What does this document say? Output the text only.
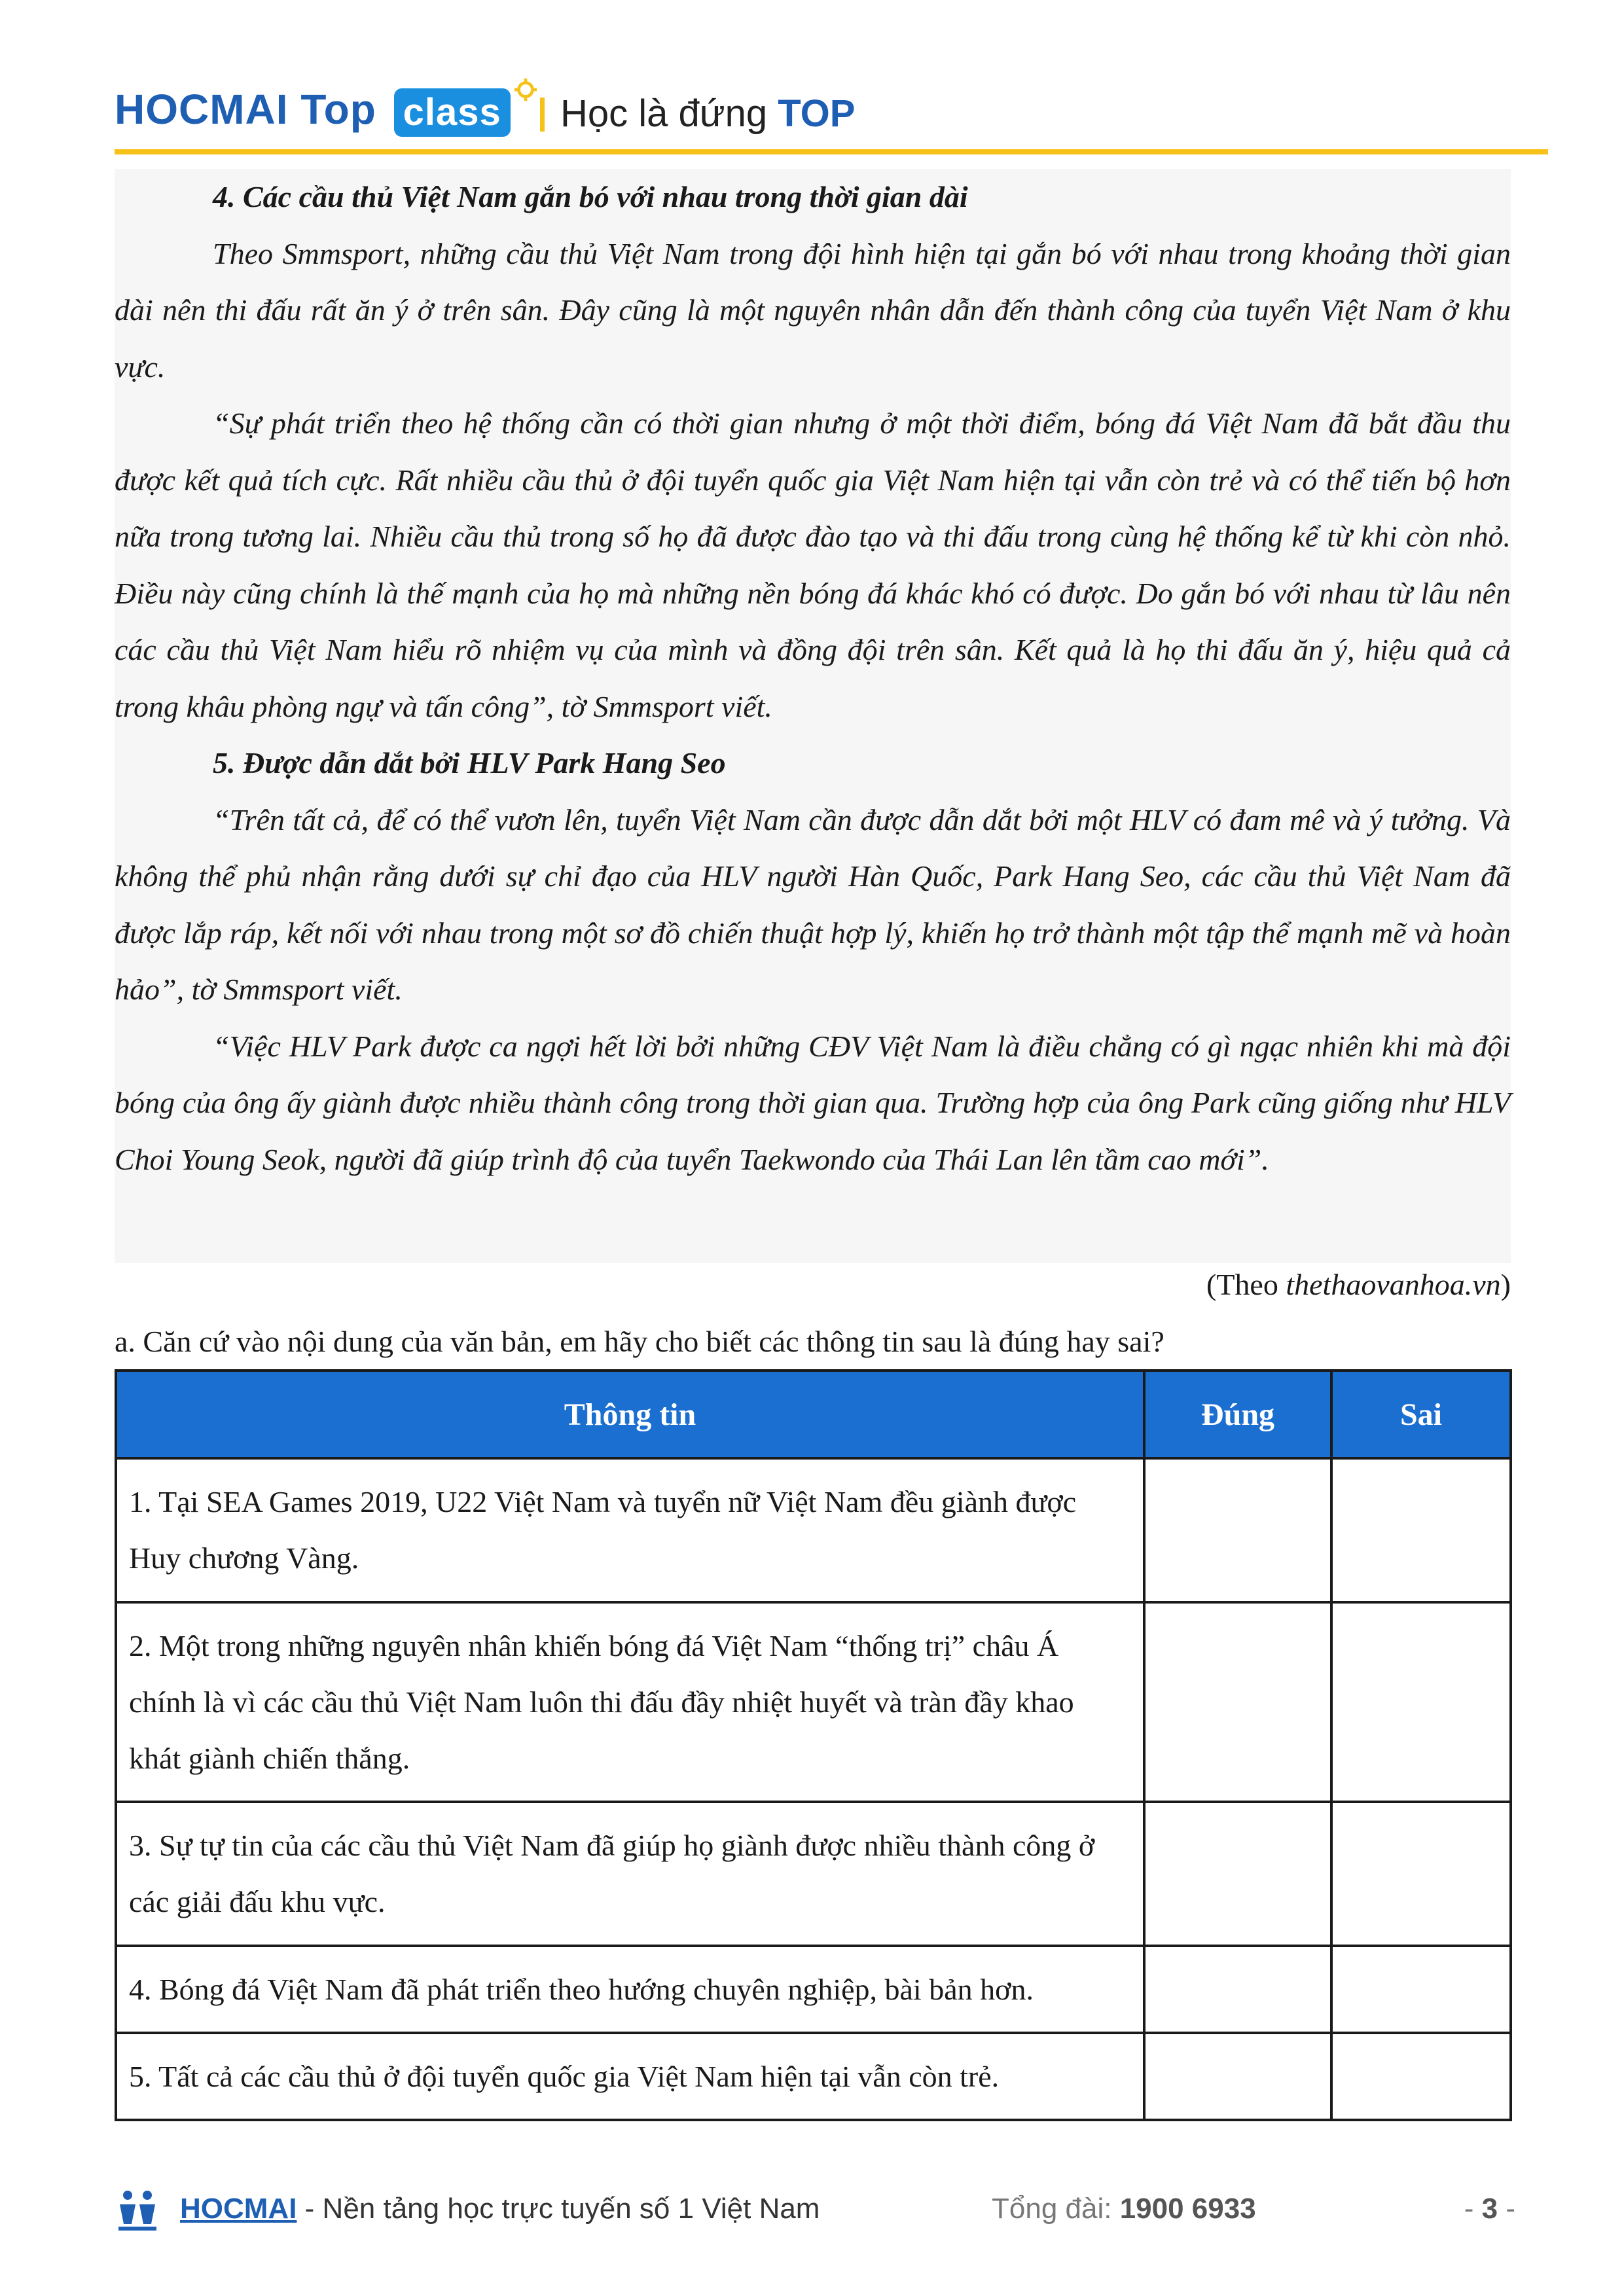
HOCMAI Top class	Học là đứng TOP

4. Các cầu thủ Việt Nam gắn bó với nhau trong thời gian dài

Theo Smmsport, những cầu thủ Việt Nam trong đội hình hiện tại gắn bó với nhau trong khoảng thời gian dài nên thi đấu rất ăn ý ở trên sân. Đây cũng là một nguyên nhân dẫn đến thành công của tuyển Việt Nam ở khu vực.

“Sự phát triển theo hệ thống cần có thời gian nhưng ở một thời điểm, bóng đá Việt Nam đã bắt đầu thu được kết quả tích cực. Rất nhiều cầu thủ ở đội tuyển quốc gia Việt Nam hiện tại vẫn còn trẻ và có thể tiến bộ hơn nữa trong tương lai. Nhiều cầu thủ trong số họ đã được đào tạo và thi đấu trong cùng hệ thống kể từ khi còn nhỏ. Điều này cũng chính là thế mạnh của họ mà những nền bóng đá khác khó có được. Do gắn bó với nhau từ lâu nên các cầu thủ Việt Nam hiểu rõ nhiệm vụ của mình và đồng đội trên sân. Kết quả là họ thi đấu ăn ý, hiệu quả cả trong khâu phòng ngự và tấn công”, tờ Smmsport viết.

5. Được dẫn dắt bởi HLV Park Hang Seo

“Trên tất cả, để có thể vươn lên, tuyển Việt Nam cần được dẫn dắt bởi một HLV có đam mê và ý tưởng. Và không thể phủ nhận rằng dưới sự chỉ đạo của HLV người Hàn Quốc, Park Hang Seo, các cầu thủ Việt Nam đã được lắp ráp, kết nối với nhau trong một sơ đồ chiến thuật hợp lý, khiến họ trở thành một tập thể mạnh mẽ và hoàn hảo”, tờ Smmsport viết.

“Việc HLV Park được ca ngợi hết lời bởi những CĐV Việt Nam là điều chẳng có gì ngạc nhiên khi mà đội bóng của ông ấy giành được nhiều thành công trong thời gian qua. Trường hợp của ông Park cũng giống như HLV Choi Young Seok, người đã giúp trình độ của tuyển Taekwondo của Thái Lan lên tầm cao mới”.

(Theo thethaovanhoa.vn)
a. Căn cứ vào nội dung của văn bản, em hãy cho biết các thông tin sau là đúng hay sai?
Thông tin	Đúng	Sai
1. Tại SEA Games 2019, U22 Việt Nam và tuyển nữ Việt Nam đều giành được Huy chương Vàng.		
2. Một trong những nguyên nhân khiến bóng đá Việt Nam “thống trị” châu Á chính là vì các cầu thủ Việt Nam luôn thi đấu đầy nhiệt huyết và tràn đầy khao khát giành chiến thắng.		
3. Sự tự tin của các cầu thủ Việt Nam đã giúp họ giành được nhiều thành công ở các giải đấu khu vực.		
4. Bóng đá Việt Nam đã phát triển theo hướng chuyên nghiệp, bài bản hơn.		
5. Tất cả các cầu thủ ở đội tuyển quốc gia Việt Nam hiện tại vẫn còn trẻ.		
HOCMAI - Nền tảng học trực tuyến số 1 Việt Nam	Tổng đài: 1900 6933	- 3 -
